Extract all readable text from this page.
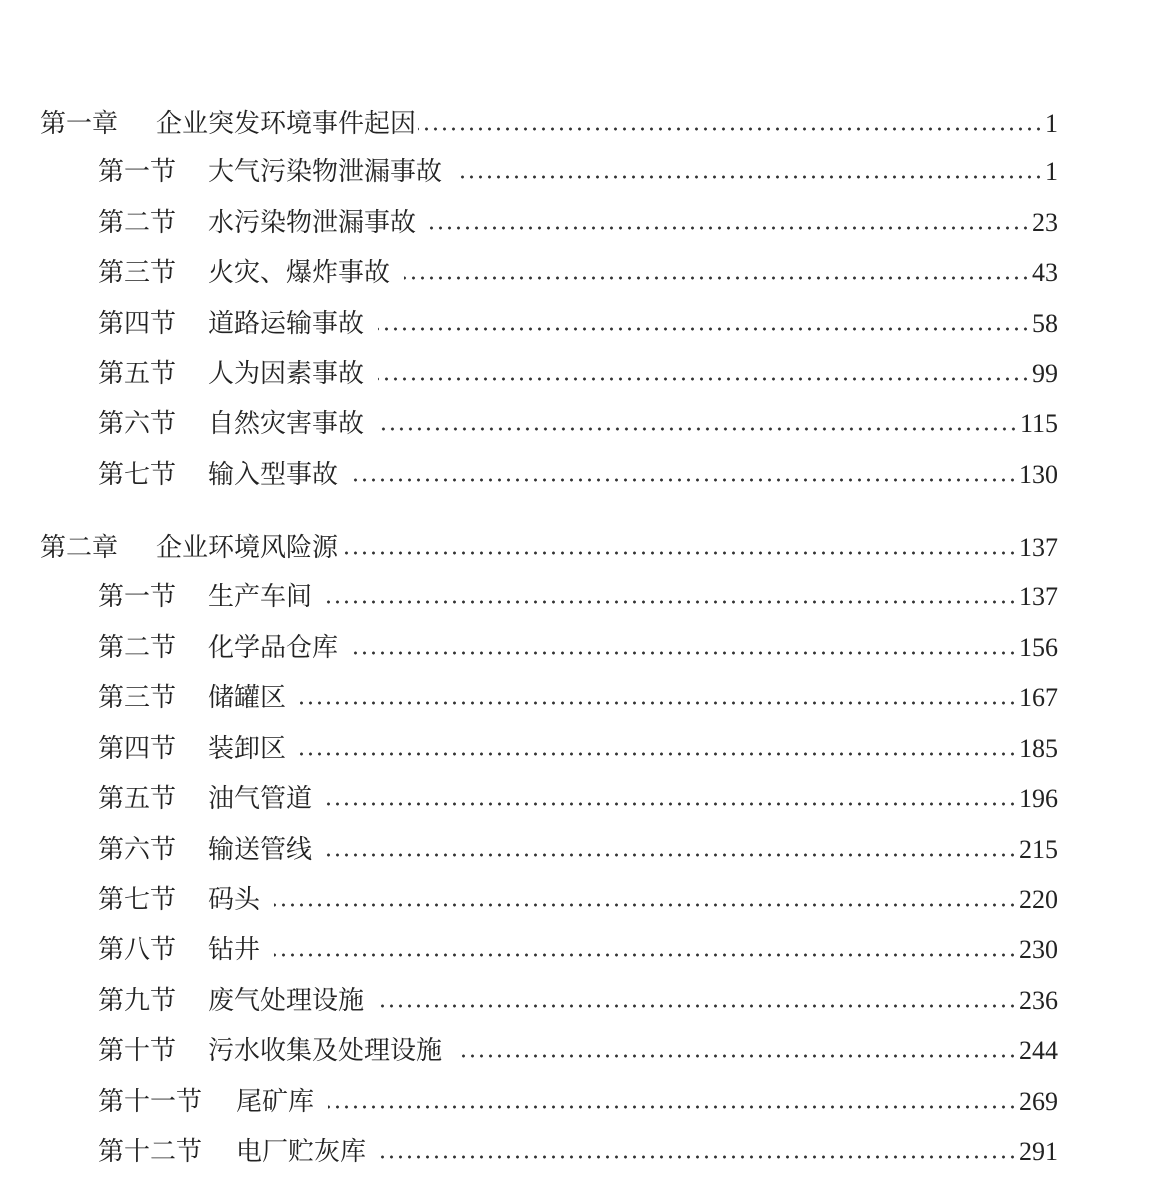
第一章	企业突发环境事件起因	1
第一节	大气污染物泄漏事故	1
第二节	水污染物泄漏事故	23
第三节	火灾、爆炸事故	43
第四节	道路运输事故	58
第五节	人为因素事故	99
第六节	自然灾害事故	115
第七节	输入型事故	130
第二章	企业环境风险源	137
第一节	生产车间	137
第二节	化学品仓库	156
第三节	储罐区	167
第四节	装卸区	185
第五节	油气管道	196
第六节	输送管线	215
第七节	码头	220
第八节	钻井	230
第九节	废气处理设施	236
第十节	污水收集及处理设施	244
第十一节	尾矿库	269
第十二节	电厂贮灰库	291
